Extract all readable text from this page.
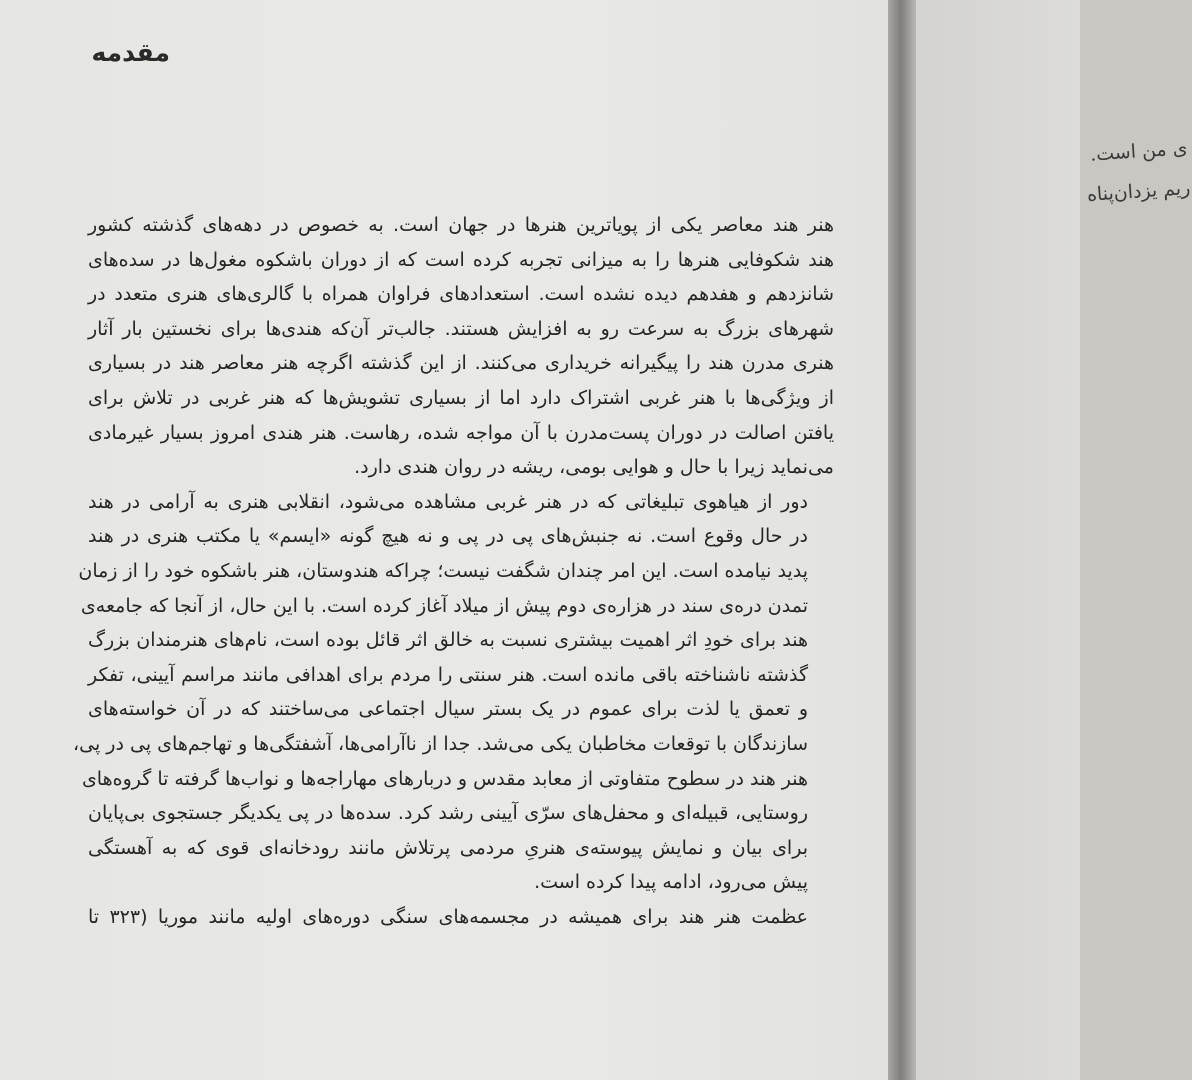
مقدمه

هنر هند معاصر یکی از پویاترین هنرها در جهان است. به خصوص در دهه‌های گذشته کشور
هند شکوفایی هنرها را به میزانی تجربه کرده است که از دوران باشکوه مغول‌ها در سده‌های
شانزدهم و هفدهم دیده نشده است. استعدادهای فراوان همراه با گالری‌های هنری متعدد در
شهرهای بزرگ به سرعت رو به افزایش هستند. جالب‌تر آن‌که هندی‌ها برای نخستین بار آثار
هنری مدرن هند را پیگیرانه خریداری می‌کنند. از این گذشته اگرچه هنر معاصر هند در بسیاری
از ویژگی‌ها با هنر غربی اشتراک دارد اما از بسیاری تشویش‌ها که هنر غربی در تلاش برای
یافتن اصالت در دوران پست‌مدرن با آن مواجه شده، رهاست. هنر هندی امروز بسیار غیرمادی
می‌نماید زیرا با حال و هوایی بومی، ریشه در روان هندی دارد.

دور از هیاهوی تبلیغاتی که در هنر غربی مشاهده می‌شود، انقلابی هنری به آرامی در هند
در حال وقوع است. نه جنبش‌های پی در پی و نه هیچ گونه «ایسم» یا مکتب هنری در هند
پدید نیامده است. این امر چندان شگفت نیست؛ چراکه هندوستان، هنر باشکوه خود را از زمان
تمدن دره‌ی سند در هزاره‌ی دوم پیش از میلاد آغاز کرده است. با این حال، از آنجا که جامعه‌ی
هند برای خودِ اثر اهمیت بیشتری نسبت به خالق اثر قائل بوده است، نام‌های هنرمندان بزرگ
گذشته ناشناخته باقی مانده است. هنر سنتی را مردم برای اهدافی مانند مراسم آیینی، تفکر
و تعمق یا لذت برای عموم در یک بستر سیال اجتماعی می‌ساختند که در آن خواسته‌های
سازندگان با توقعات مخاطبان یکی می‌شد. جدا از ناآرامی‌ها، آشفتگی‌ها و تهاجم‌های پی در پی،
هنر هند در سطوح متفاوتی از معابد مقدس و دربارهای مهاراجه‌ها و نواب‌ها گرفته تا گروه‌های
روستایی، قبیله‌ای و محفل‌های سرّی آیینی رشد کرد. سده‌ها در پی یکدیگر جستجوی بی‌پایان
برای بیان و نمایش پیوسته‌ی هنریِ مردمی پرتلاش مانند رودخانه‌ای قوی که به آهستگی
پیش می‌رود، ادامه پیدا کرده است.

عظمت هنر هند برای همیشه در مجسمه‌های سنگی دوره‌های اولیه مانند موریا (۳۲۳ تا

ی من است.
ریم یزدان‌پناه
